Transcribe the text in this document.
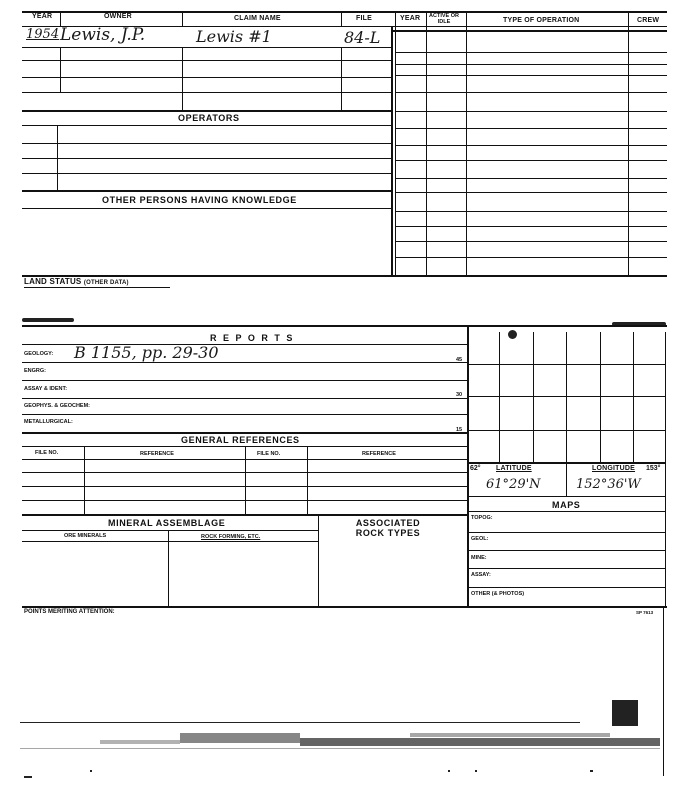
YEAR	OWNER	CLAIM NAME	FILE	YEAR ACTIVE OR IDLE	TYPE OF OPERATION	CREW
1954 Lewis, J.P.	Lewis #1	84-L
OPERATORS
OTHER PERSONS HAVING KNOWLEDGE
LAND STATUS (OTHER DATA)
R E P O R T S
GEOLOGY: B 1155, pp. 29-30	45
ENGRG:
ASSAY & IDENT:
30
GEOPHYS. & GEOCHEM:
METALLURGICAL:
15
GENERAL REFERENCES
FILE NO.	REFERENCE	FILE NO.	REFERENCE
MINERAL ASSEMBLAGE	ASSOCIATED ROCK TYPES
ORE MINERALS	ROCK FORMING, ETC.
62° LATITUDE	LONGITUDE 153°
61°29'N	152°36'W
MAPS
TOPOG:
GEOL:
MINE:
ASSAY:
OTHER (& PHOTOS)
POINTS MERITING ATTENTION:	SP 7613
